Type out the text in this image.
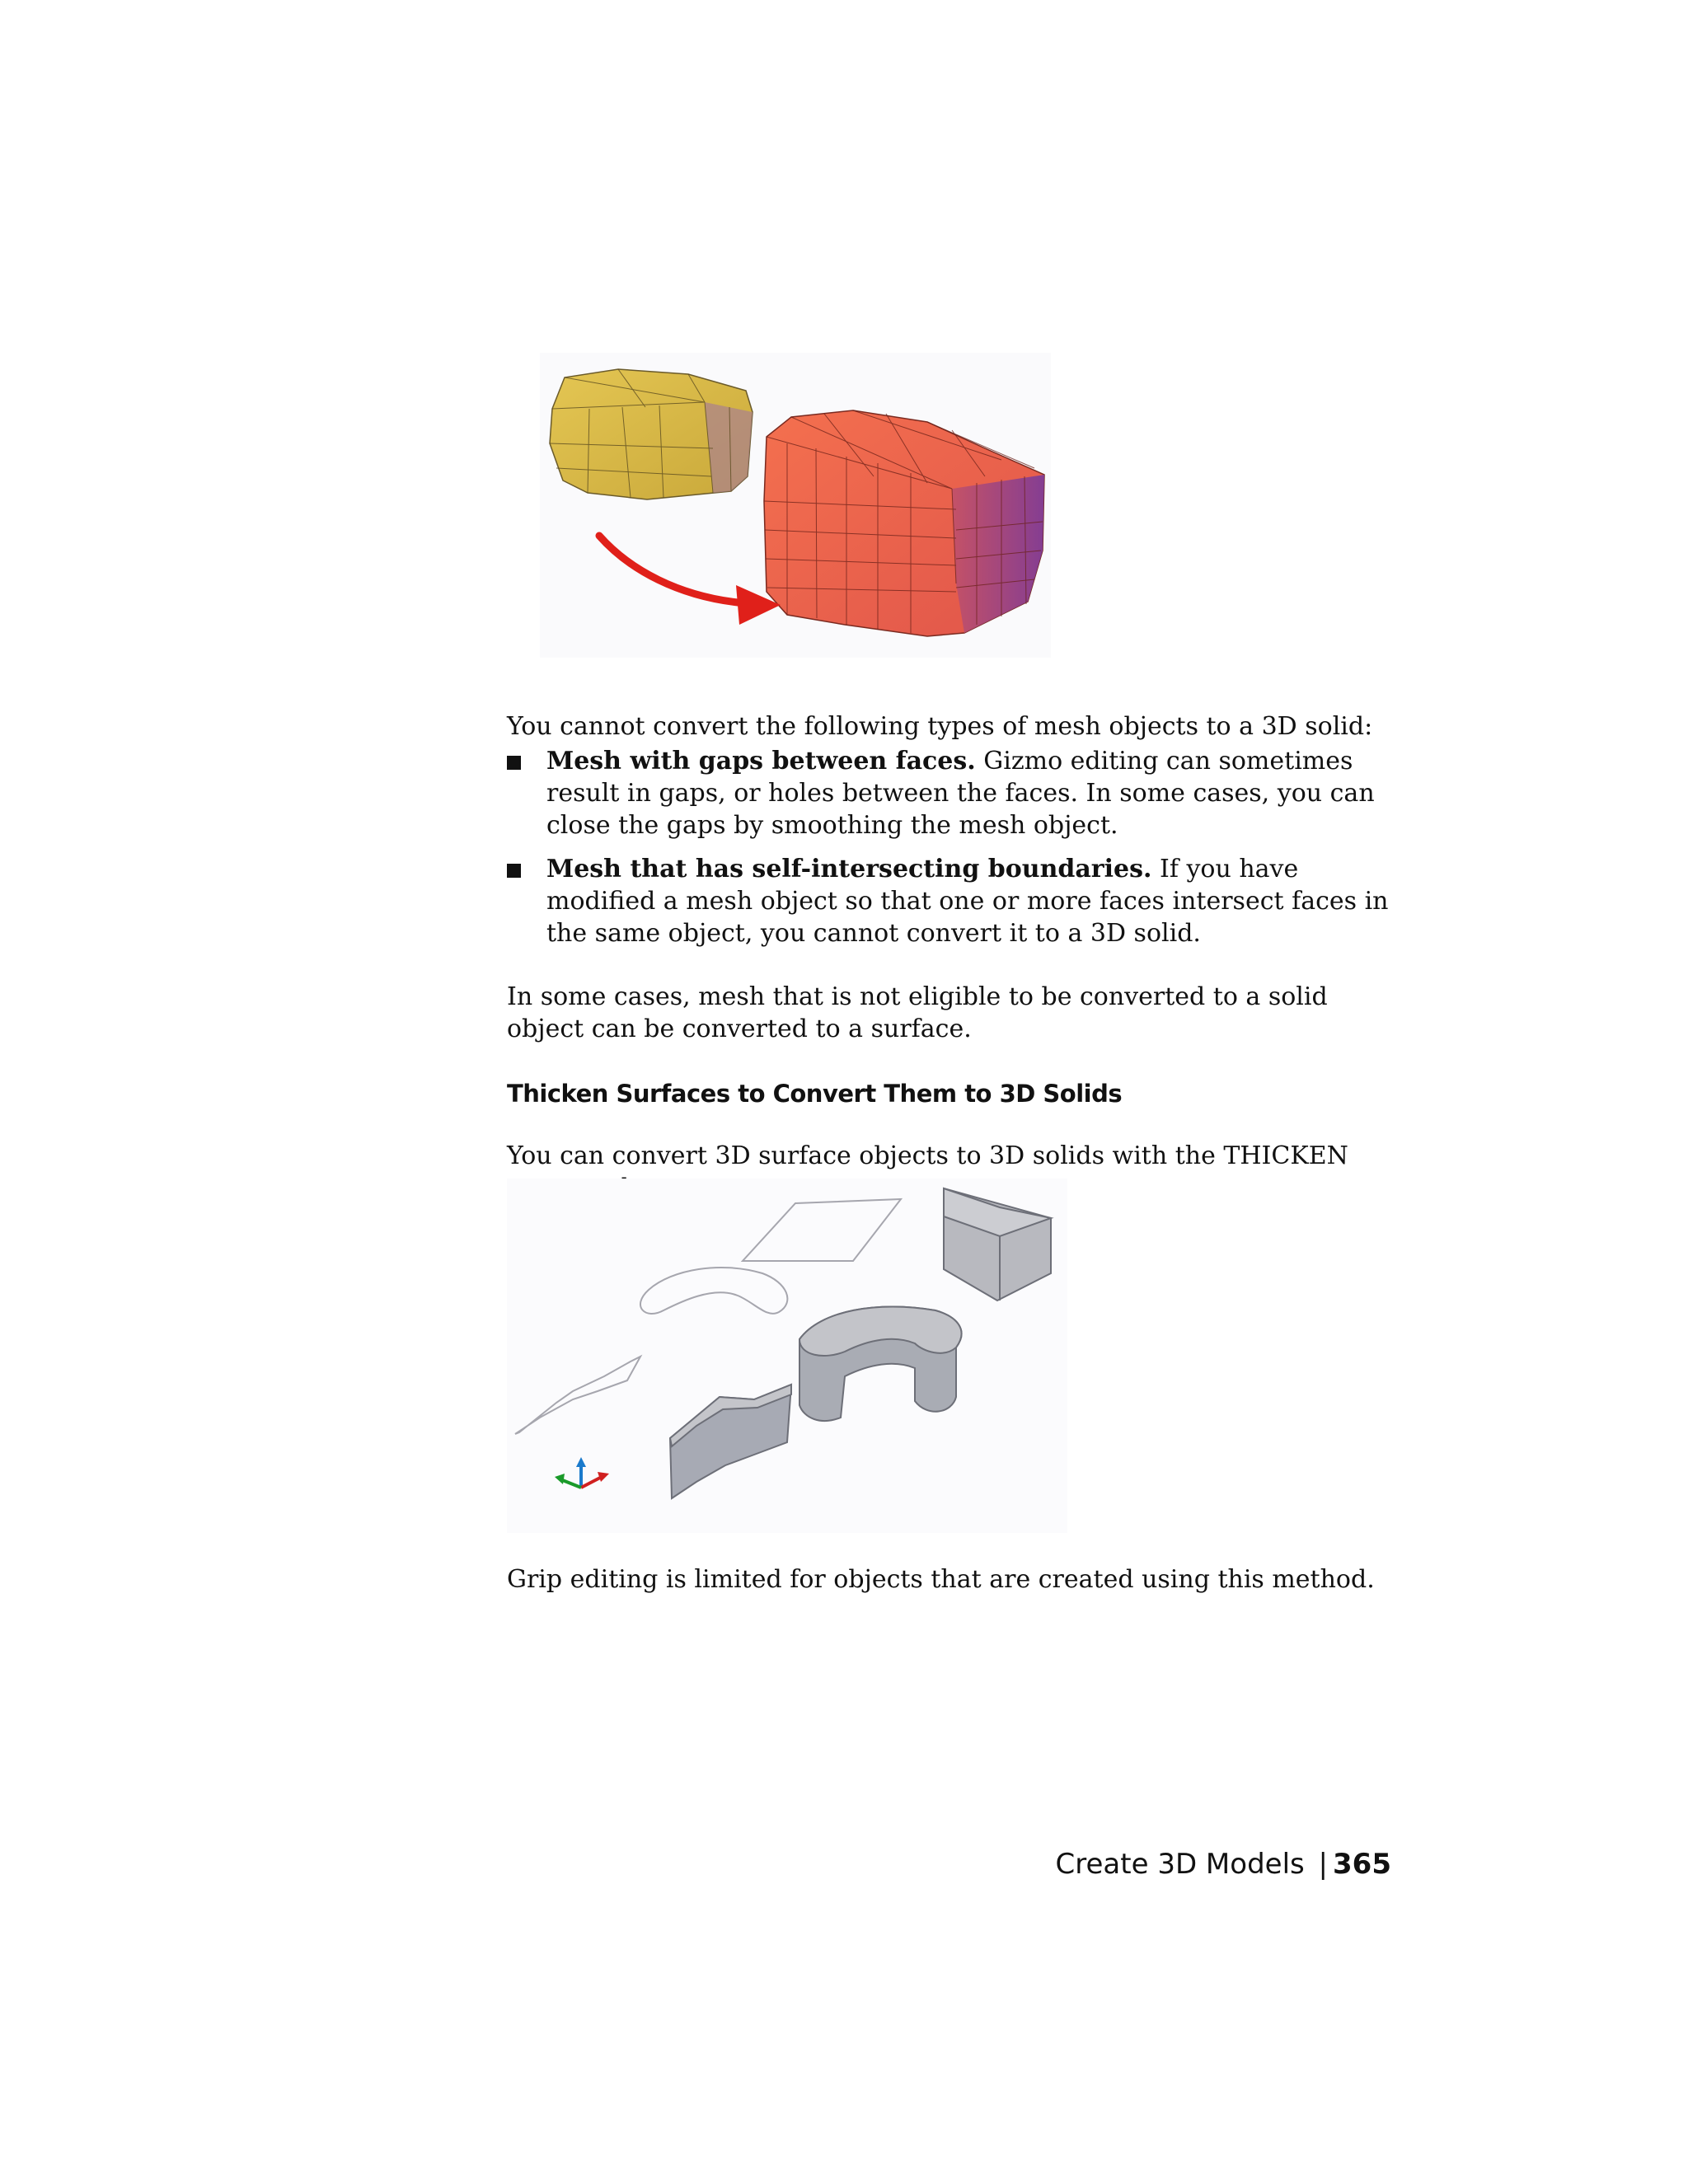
You cannot convert the following types of mesh objects to a 3D solid:

Mesh with gaps between faces. Gizmo editing can sometimes result in gaps, or holes between the faces. In some cases, you can close the gaps by smoothing the mesh object.
Mesh that has self-intersecting boundaries. If you have modified a mesh object so that one or more faces intersect faces in the same object, you cannot convert it to a 3D solid.

In some cases, mesh that is not eligible to be converted to a solid object can be converted to a surface.

Thicken Surfaces to Convert Them to 3D Solids

You can convert 3D surface objects to 3D solids with the THICKEN

Grip editing is limited for objects that are created using this method.

Create 3D Models | 365
